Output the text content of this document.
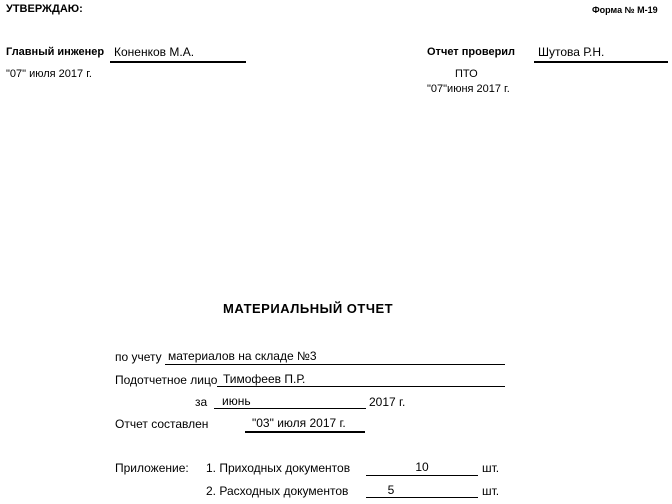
УТВЕРЖДАЮ:	Форма № М-19
Главный инженер Коненков М.А.
"07" июля 2017 г.
Отчет проверил Шутова Р.Н.
ПТО
"07"июня 2017 г.
МАТЕРИАЛЬНЫЙ ОТЧЕТ
по учету материалов на складе №3
Подотчетное лицо Тимофеев П.Р.
за июнь	2017 г.
Отчет составлен	"03" июля 2017 г.
Приложение: 1. Приходных документов	10	шт.
2. Расходных документов	5	шт.
